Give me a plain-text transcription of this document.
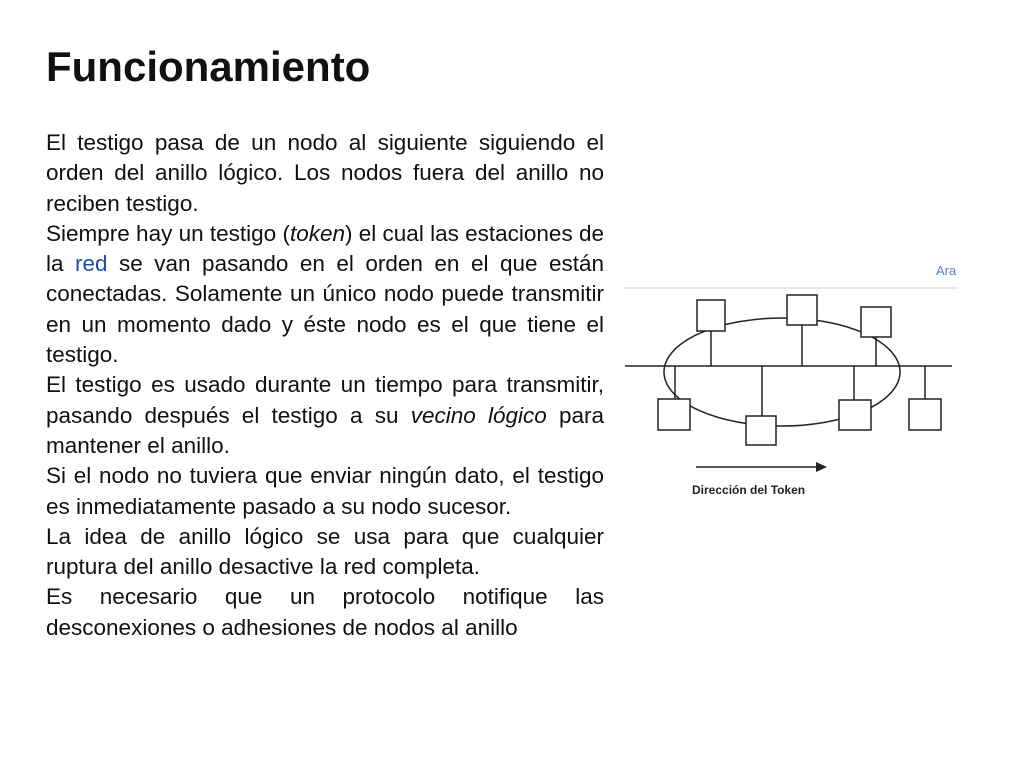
Funcionamiento

El testigo pasa de un nodo al siguiente siguiendo el orden del anillo lógico. Los nodos fuera del anillo no reciben testigo.

Siempre hay un testigo (token) el cual las estaciones de la red se van pasando en el orden en el que están conectadas. Solamente un único nodo puede transmitir en un momento dado y éste nodo es el que tiene el testigo.

El testigo es usado durante un tiempo para transmitir, pasando después el testigo a su vecino lógico para mantener el anillo.

Si el nodo no tuviera que enviar ningún dato, el testigo es inmediatamente pasado a su nodo sucesor.

La idea de anillo lógico se usa para que cualquier ruptura del anillo desactive la red completa.

Es necesario que un protocolo notifique las desconexiones o adhesiones de nodos al anillo

Ara
Dirección del Token
